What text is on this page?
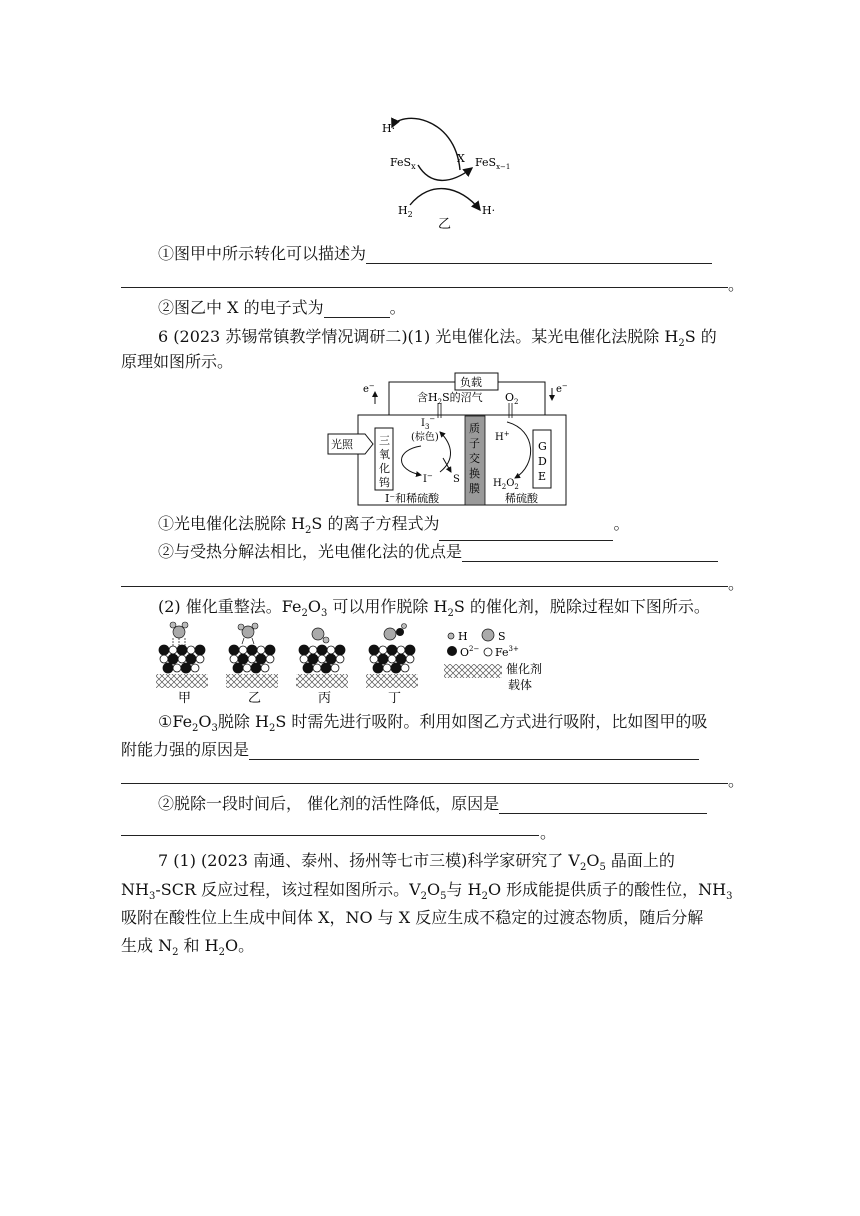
H·
FeS$_x$
X FeS$_{x-1}$
$H_2$	H·
乙
①图甲中所示转化可以描述为
。
②图乙中 X 的电子式为	。
6 (2023 苏锡常镇教学情况调研二)(1) 光电催化法。某光电催化法脱除 $H_2S$ 的
原理如图所示。
负载
e−	e−
含$H_2S$的沼气 $O_2$
光照 三氧化钨
质子交换膜
G D E
$I_3^-$
(棕色)
I− S
H+
$H_2O_2$
I⁻和稀硫酸	稀硫酸
①光电催化法脱除 $H_2S$ 的离子方程式为	。
②与受热分解法相比，光电催化法的优点是
。
(2) 催化重整法。$Fe_2O_3$ 可以用作脱除 $H_2S$ 的催化剂，脱除过程如下图所示。
甲	乙	丙	丁
H	S
$O^{2-}$ $Fe^{3+}$
催化剂
载体
$①Fe_2O_3$脱除 $H_2S$ 时需先进行吸附。利用如图乙方式进行吸附，比如图甲的吸
附能力强的原因是
。
②脱除一段时间后， 催化剂的活性降低，原因是
。
7 (1) (2023 南通、泰州、扬州等七市三模)科学家研究了 $V_2O_5$ 晶面上的
$NH_3$-SCR 反应过程，该过程如图所示。$V_2O_5$与 $H_2O$ 形成能提供质子的酸性位，$NH_3$
吸附在酸性位上生成中间体 X，NO 与 X 反应生成不稳定的过渡态物质，随后分解
生成 $N_2$ 和 $H_2O$。
